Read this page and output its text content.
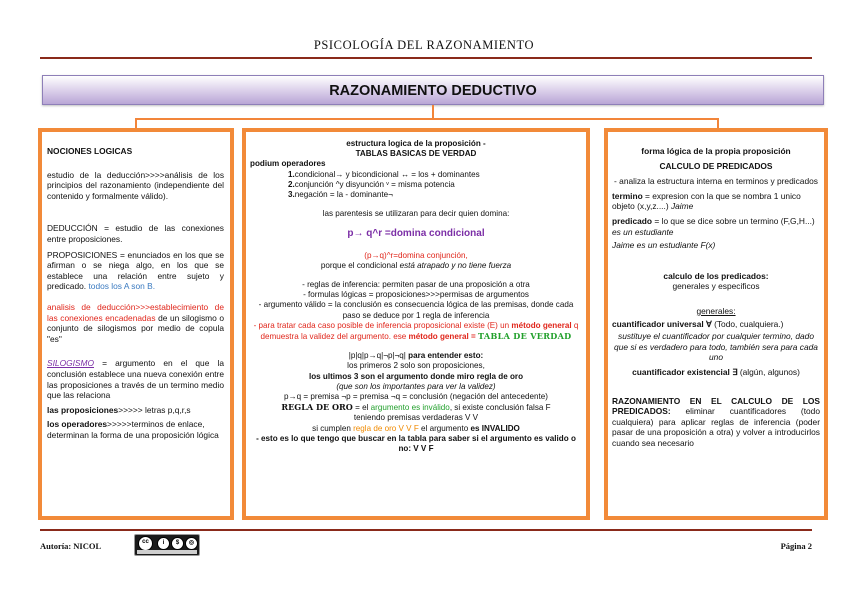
PSICOLOGÍA DEL RAZONAMIENTO
RAZONAMIENTO DEDUCTIVO

NOCIONES LOGICAS

estudio de la deducción>>>>análisis de los principios del razonamiento (independiente del contenido y formalmente válido).

DEDUCCIÓN = estudio de las conexiones entre proposiciones.

PROPOSICIONES = enunciados en los que se afirman o se niega algo, en los que se establece una relación entre sujeto y predicado. todos los A son B.

analisis de deducción>>>establecimiento de las conexiones encadenadas de un silogismo o conjunto de silogismos por medio de copula "es"

SILOGISMO = argumento en el que la conclusión establece una nueva conexión entre las proposiciones a través de un termino medio que las relaciona

las proposiciones>>>>> letras p,q,r,s

los operadores>>>>>terminos de enlace, determinan la forma de una proposición lógica

estructura logica de la proposición -

TABLAS BASICAS DE VERDAD

podium operadores

1.condicional→ y bicondicional ↔ = los + dominantes

2.conjunción ^y disyunción ᵛ = misma potencia

3.negación = la - dominante¬

las parentesis se utilizaran para decir quien domina:

p→ q^r =domina condicional

(p→q)^r=domina conjunción,

porque el condicional está atrapado y no tiene fuerza

- reglas de inferencia: permiten pasar de una proposición a otra

- formulas lógicas = proposiciones>>>permisas de argumentos

- argumento válido = la conclusión es consecuencia lógica de las premisas, donde cada paso se deduce por 1 regla de inferencia

- para tratar cada caso posible de inferencia proposicional existe (E) un método general q demuestra la validez del argumento. ese método general = TABLA DE VERDAD

|p|q|p→q|¬p|¬q| para entender esto:

los primeros 2 solo son proposiciones,

los ultimos 3 son el argumento donde miro regla de oro

(que son los importantes para ver la validez)

p→q = premisa ¬p = premisa ¬q = conclusión (negación del antecedente)

REGLA DE ORO = el argumento es inválido, si existe conclusión falsa F

teniendo premisas verdaderas V V

si cumplen regla de oro V V F el argumento es INVALIDO

- esto es lo que tengo que buscar en la tabla para saber si el argumento es valido o no: V V F

forma lógica de la propia proposición

CALCULO DE PREDICADOS

- analiza la estructura interna en terminos y predicados

termino = expresion con la que se nombra 1 unico objeto (x,y,z....) Jaime

predicado = lo que se dice sobre un termino (F,G,H...) es un estudiante

Jaime es un estudiante F(x)

calculo de los predicados:

generales y especificos

generales:

cuantificador universal ∀ (Todo, cualquiera.)

sustituye el cuantificador por cualquier termino, dado que si es verdadero para todo, también sera para cada uno

cuantificador existencial ∃ (algún, algunos)

RAZONAMIENTO EN EL CALCULO DE LOS PREDICADOS: eliminar cuantificadores (todo cualquiera) para aplicar reglas de inferencia (poder pasar de una proposición a otra) y volver a introducirlos cuando sea necesario

Autoría: NICOL	cc	i	$	◎	Página 2
